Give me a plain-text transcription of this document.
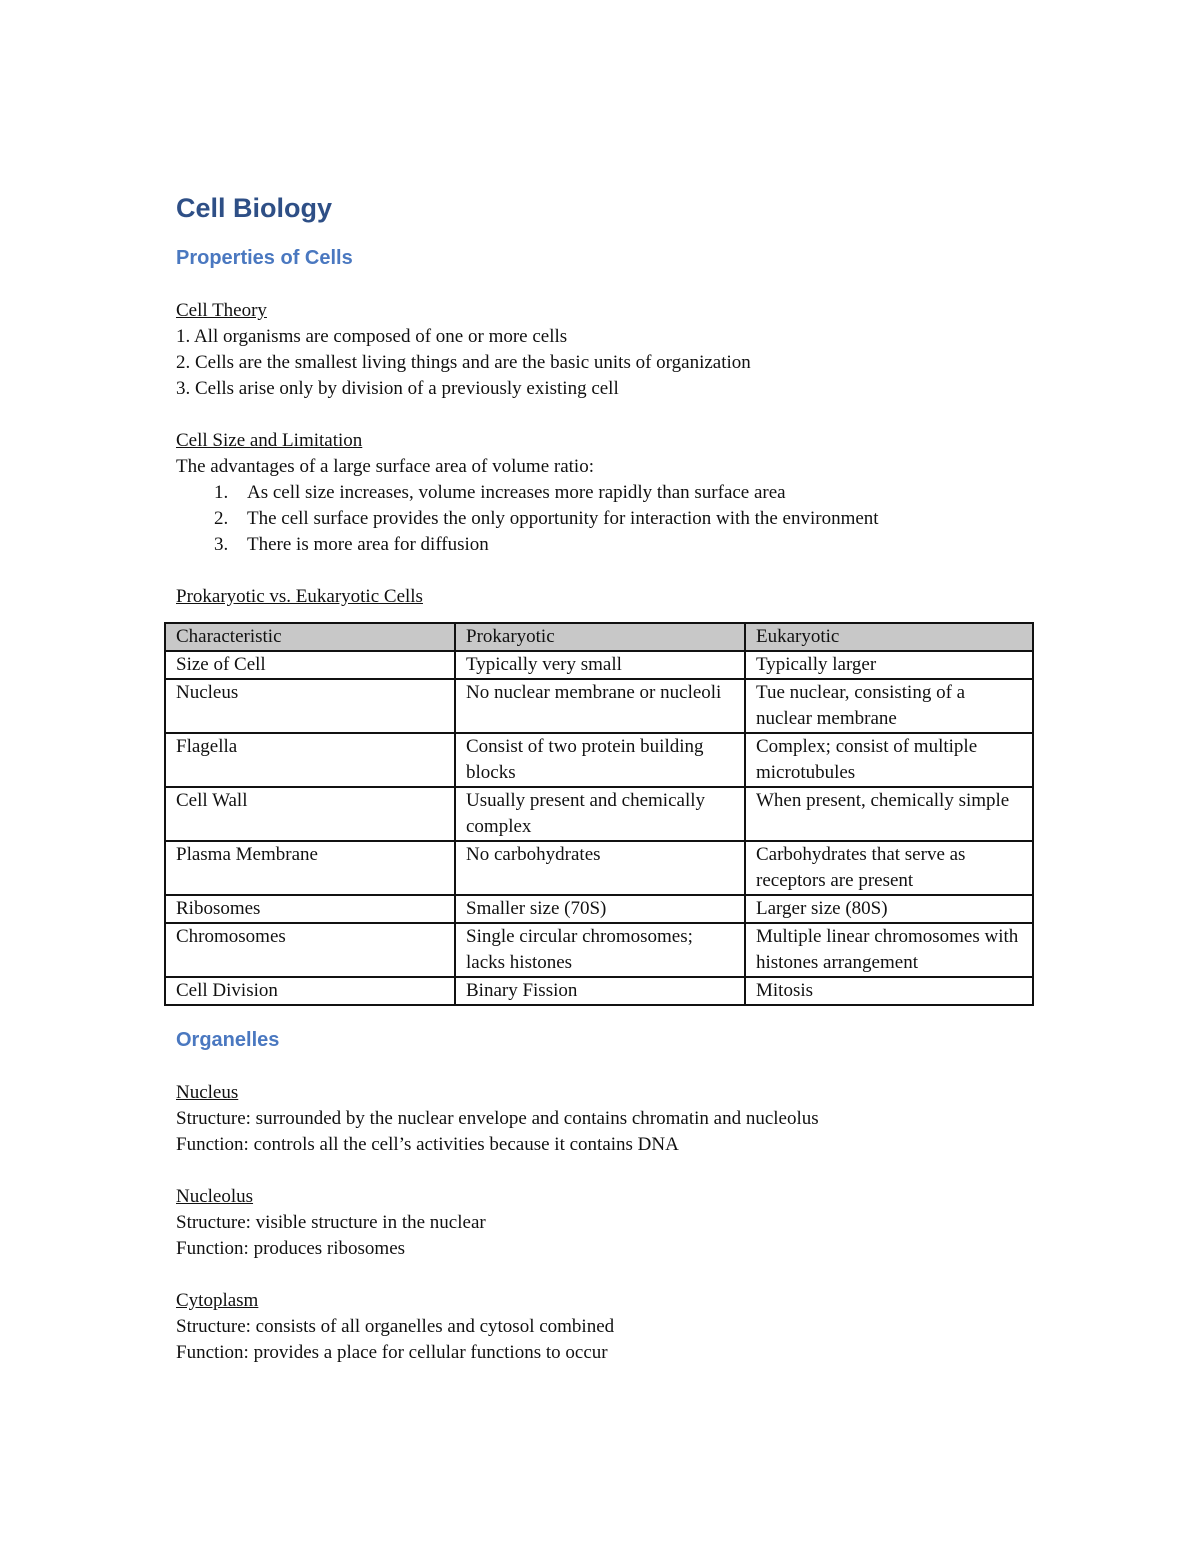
Cell Biology
Properties of Cells
Cell Theory
1. All organisms are composed of one or more cells
2. Cells are the smallest living things and are the basic units of organization
3. Cells arise only by division of a previously existing cell
Cell Size and Limitation
The advantages of a large surface area of volume ratio:
1. As cell size increases, volume increases more rapidly than surface area
2. The cell surface provides the only opportunity for interaction with the environment
3. There is more area for diffusion
Prokaryotic vs. Eukaryotic Cells
Characteristic	Prokaryotic	Eukaryotic
Size of Cell	Typically very small	Typically larger
Nucleus	No nuclear membrane or nucleoli	Tue nuclear, consisting of a nuclear membrane
Flagella	Consist of two protein building blocks	Complex; consist of multiple microtubules
Cell Wall	Usually present and chemically complex	When present, chemically simple
Plasma Membrane	No carbohydrates	Carbohydrates that serve as receptors are present
Ribosomes	Smaller size (70S)	Larger size (80S)
Chromosomes	Single circular chromosomes; lacks histones	Multiple linear chromosomes with histones arrangement
Cell Division	Binary Fission	Mitosis
Organelles
Nucleus
Structure: surrounded by the nuclear envelope and contains chromatin and nucleolus
Function: controls all the cell’s activities because it contains DNA
Nucleolus
Structure: visible structure in the nuclear
Function: produces ribosomes
Cytoplasm
Structure: consists of all organelles and cytosol combined
Function: provides a place for cellular functions to occur
